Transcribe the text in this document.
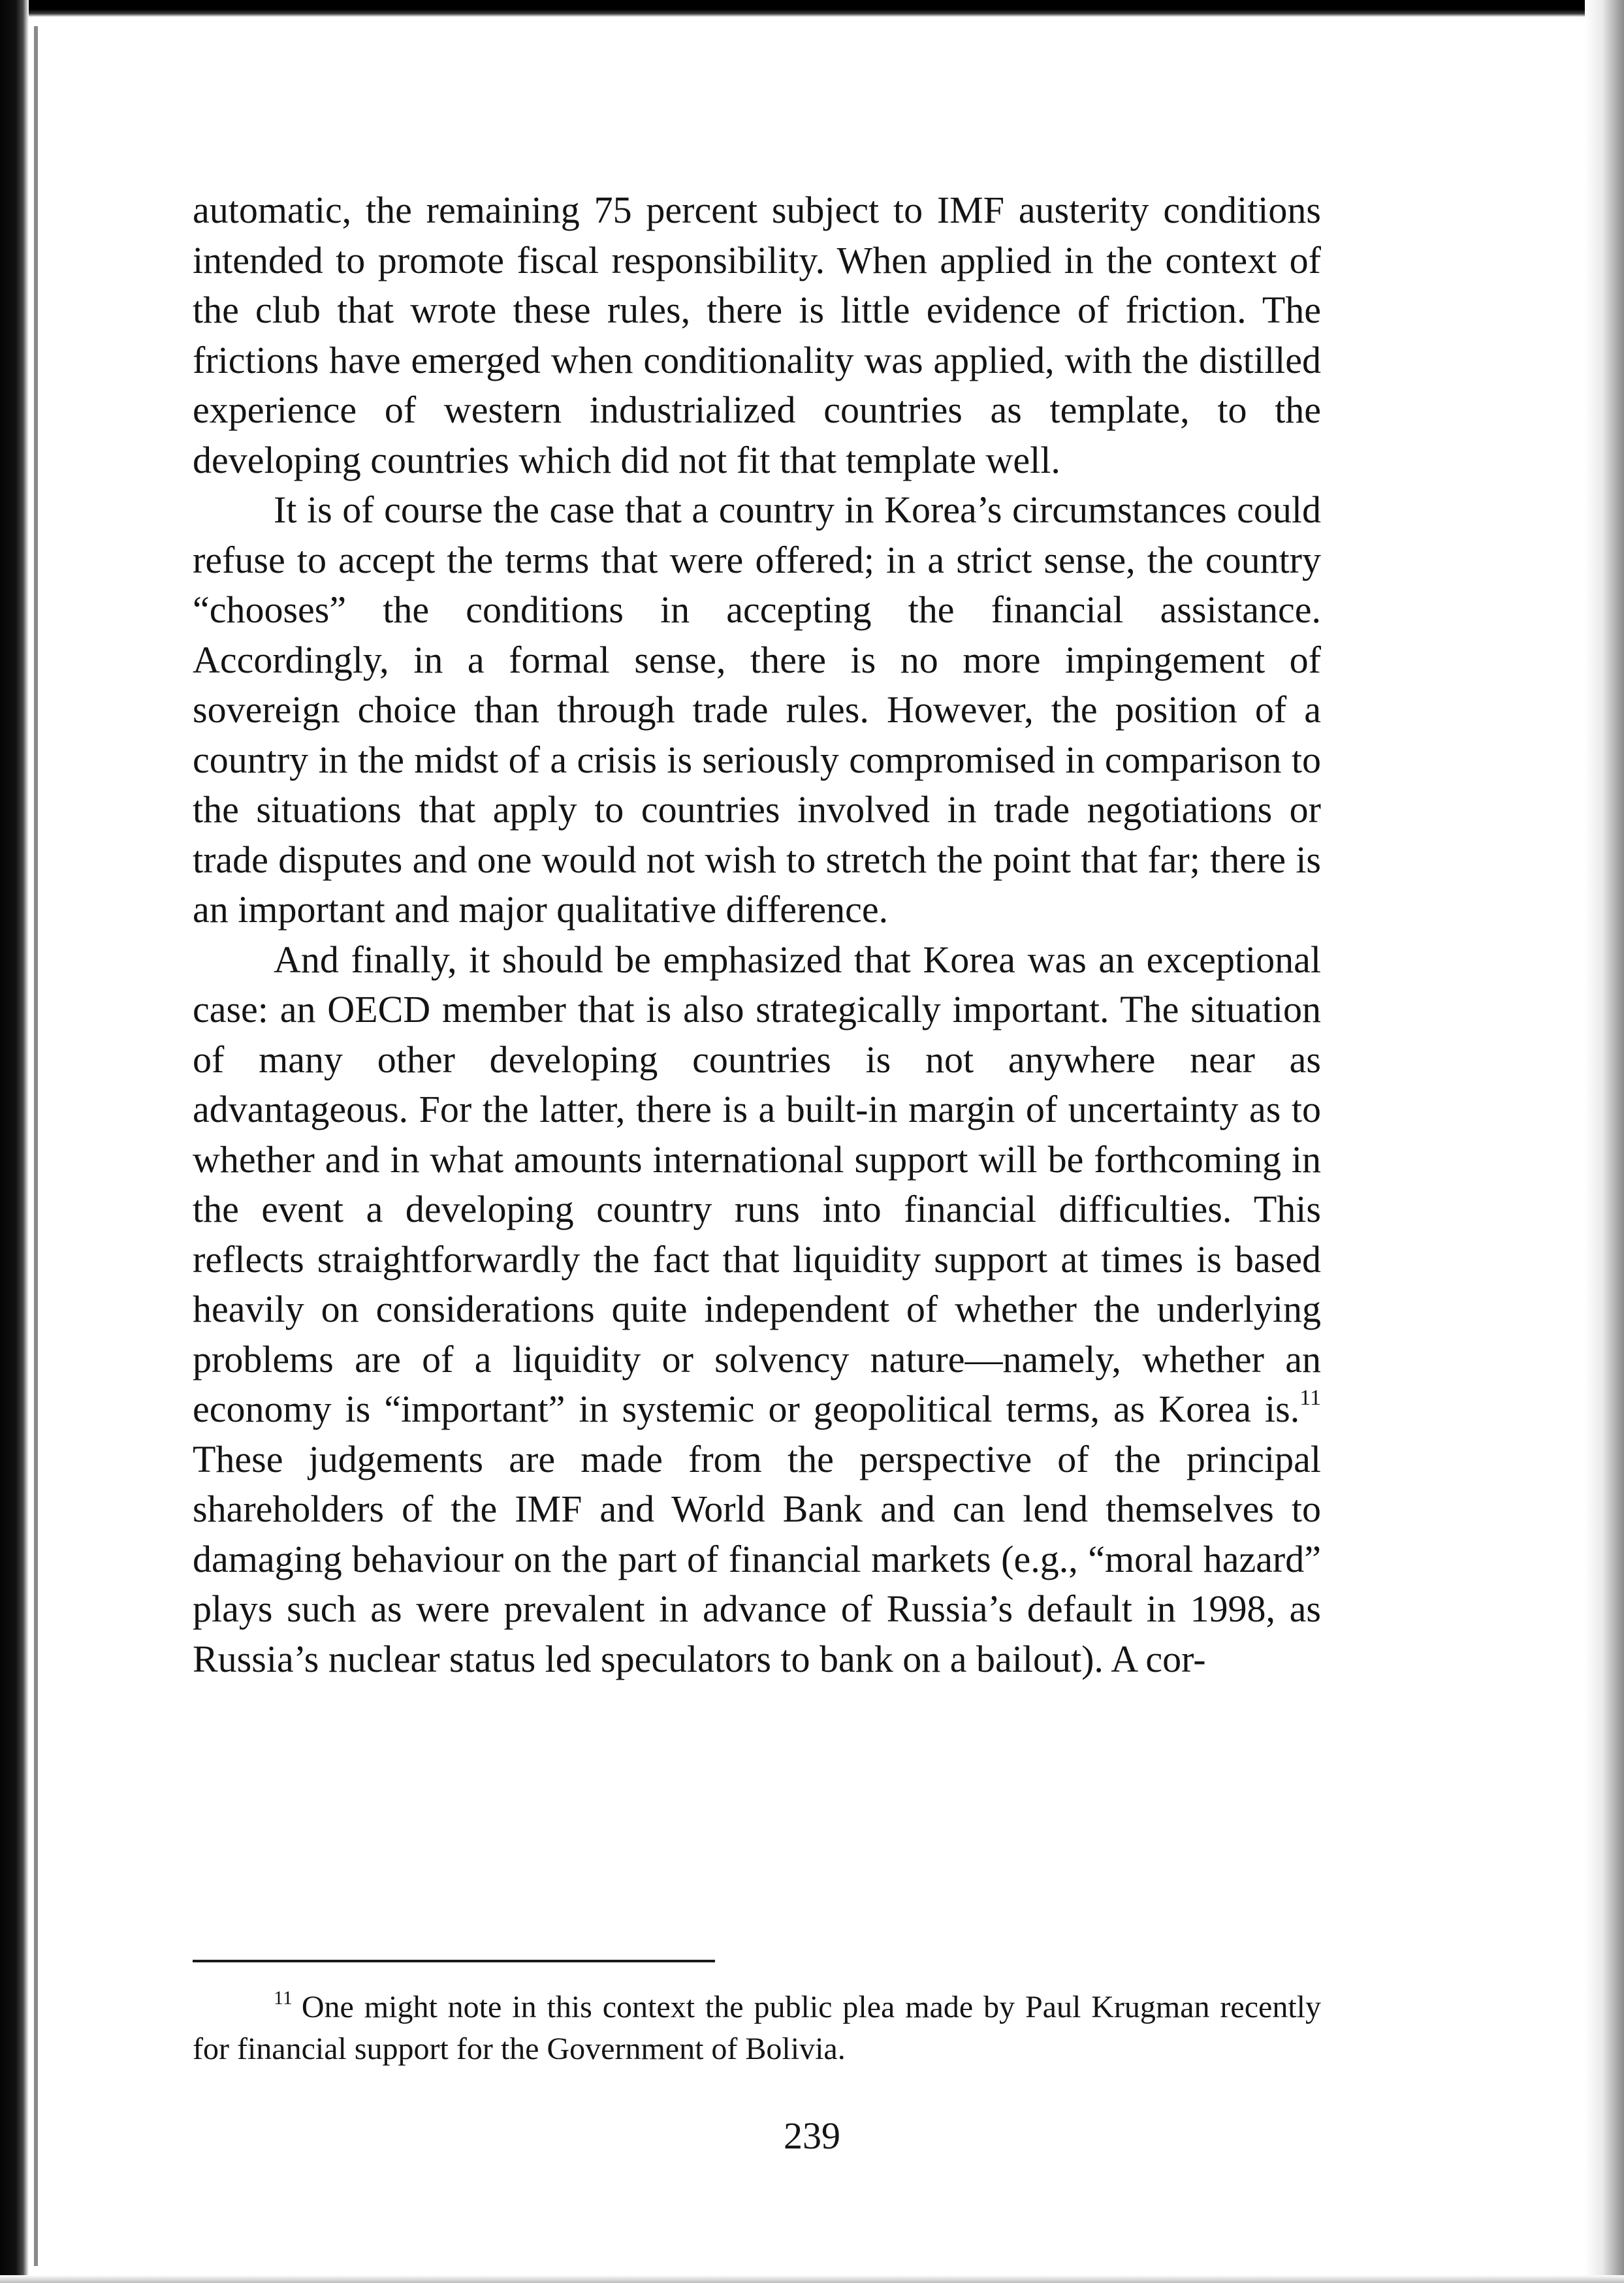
automatic, the remaining 75 percent subject to IMF austerity conditions intended to promote fiscal responsibility. When applied in the context of the club that wrote these rules, there is little evidence of friction. The frictions have emerged when conditionality was applied, with the distilled experience of western industrialized countries as template, to the developing countries which did not fit that template well.

It is of course the case that a country in Korea’s circumstances could refuse to accept the terms that were offered; in a strict sense, the country “chooses” the conditions in accepting the financial assistance. Accordingly, in a formal sense, there is no more impingement of sovereign choice than through trade rules. However, the position of a country in the midst of a crisis is seriously compromised in comparison to the situations that apply to countries involved in trade negotiations or trade disputes and one would not wish to stretch the point that far; there is an important and major qualitative difference.

And finally, it should be emphasized that Korea was an exceptional case: an OECD member that is also strategically important. The situation of many other developing countries is not anywhere near as advantageous. For the latter, there is a built-in margin of uncertainty as to whether and in what amounts international support will be forthcoming in the event a developing country runs into financial difficulties. This reflects straightforwardly the fact that liquidity support at times is based heavily on considerations quite independent of whether the underlying problems are of a liquidity or solvency nature—namely, whether an economy is “important” in systemic or geopolitical terms, as Korea is.$^{11}$ These judgements are made from the perspective of the principal shareholders of the IMF and World Bank and can lend themselves to damaging behaviour on the part of financial markets (e.g., “moral hazard” plays such as were prevalent in advance of Russia’s default in 1998, as Russia’s nuclear status led speculators to bank on a bailout). A cor-

$^{11}$ One might note in this context the public plea made by Paul Krugman recently for financial support for the Government of Bolivia.

239
